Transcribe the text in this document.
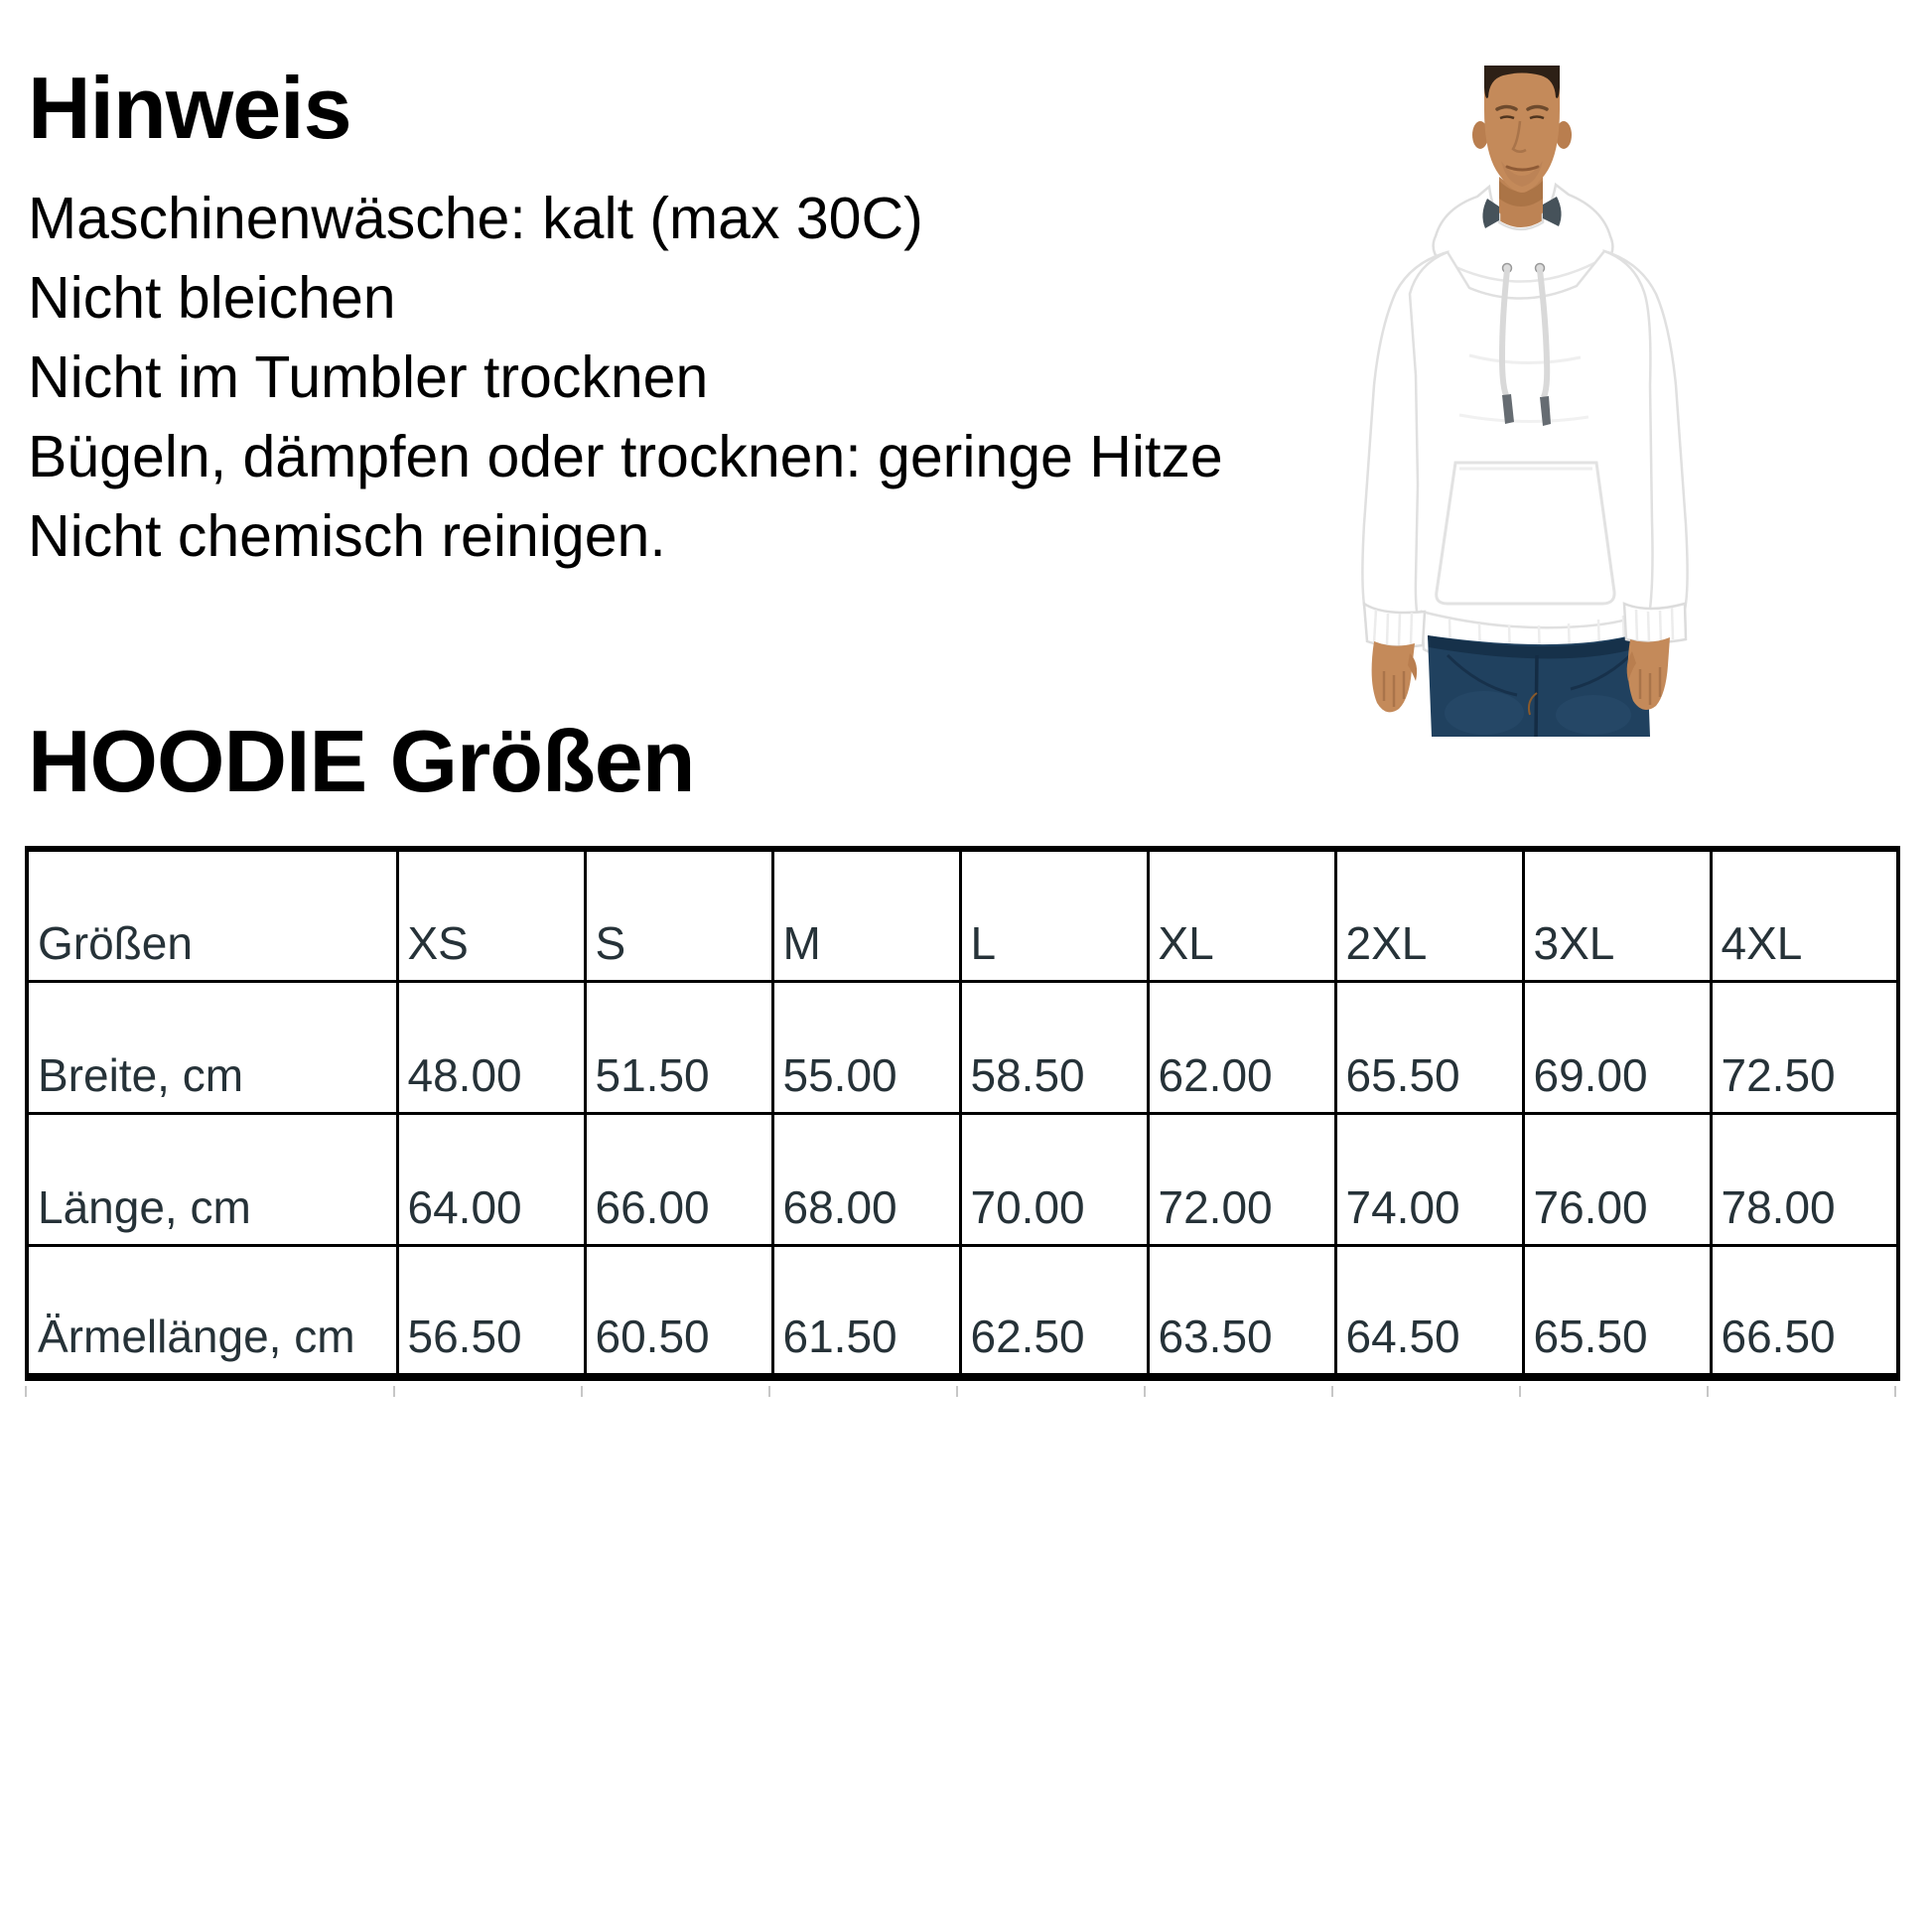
Hinweis
Maschinenwäsche: kalt (max 30C)
Nicht bleichen
Nicht im Tumbler trocknen
Bügeln, dämpfen oder trocknen: geringe Hitze
Nicht chemisch reinigen.
HOODIE Größen
Größen	XS	S	M	L	XL	2XL	3XL	4XL
Breite, cm	48.00	51.50	55.00	58.50	62.00	65.50	69.00	72.50
Länge, cm	64.00	66.00	68.00	70.00	72.00	74.00	76.00	78.00
Ärmellänge, cm	56.50	60.50	61.50	62.50	63.50	64.50	65.50	66.50
